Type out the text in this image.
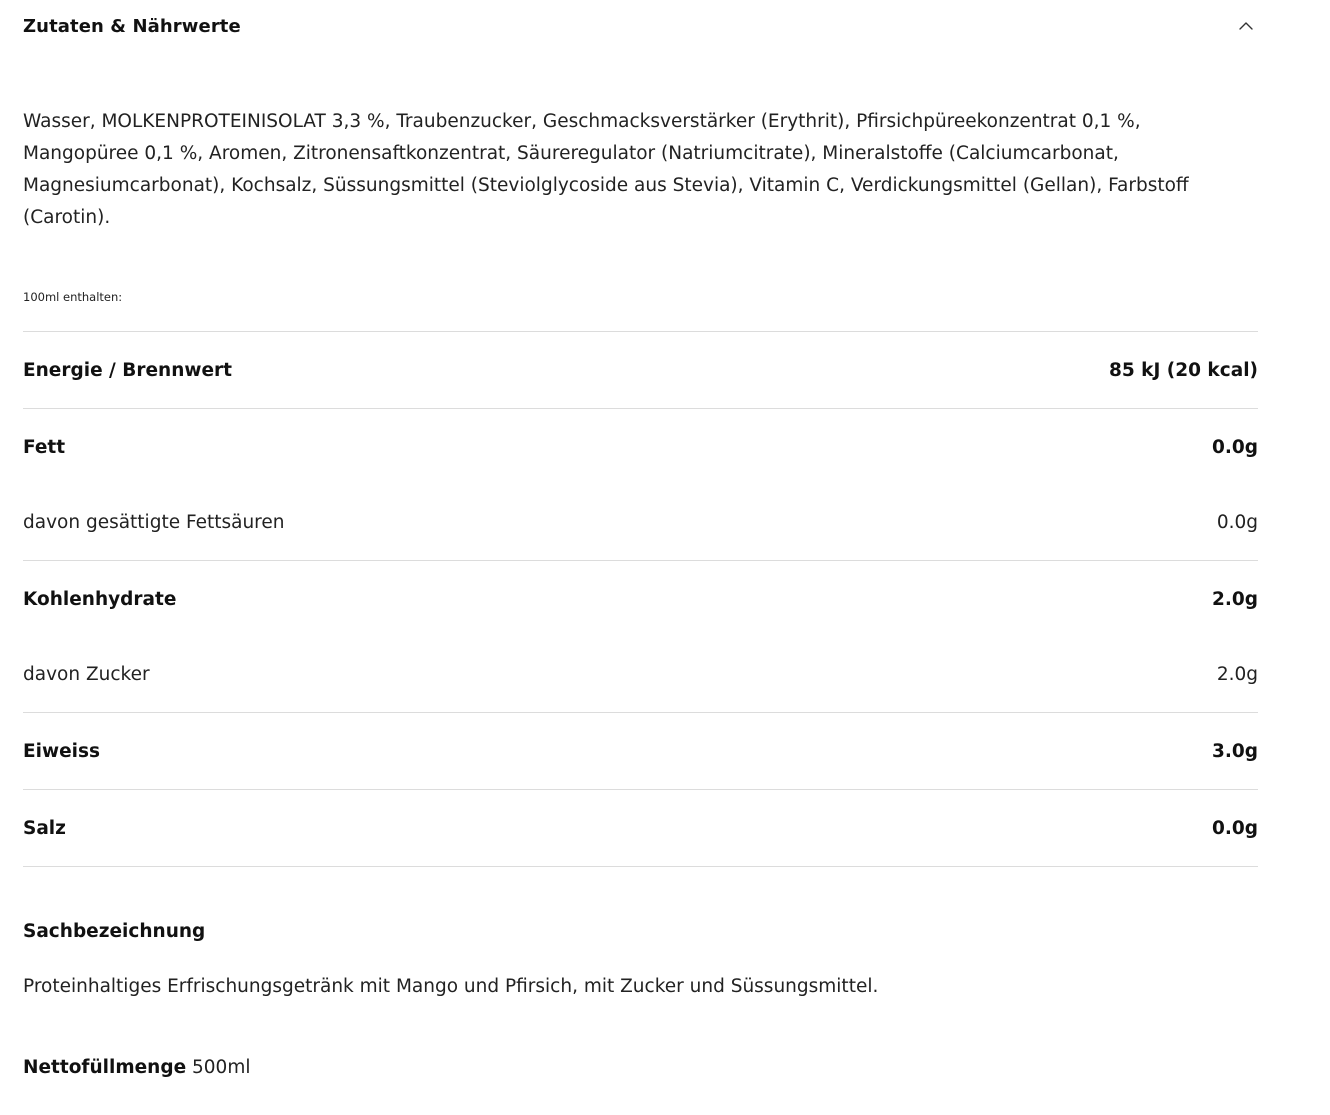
Zutaten & Nährwerte
Wasser, MOLKENPROTEINISOLAT 3,3 %, Traubenzucker, Geschmacksverstärker (Erythrit), Pfirsichpüreekonzentrat 0,1 %, Mangopüree 0,1 %, Aromen, Zitronensaftkonzentrat, Säureregulator (Natriumcitrate), Mineralstoffe (Calciumcarbonat, Magnesiumcarbonat), Kochsalz, Süssungsmittel (Steviolglycoside aus Stevia), Vitamin C, Verdickungsmittel (Gellan), Farbstoff (Carotin).
100ml enthalten:
Energie / Brennwert	85 kJ (20 kcal)
Fett	0.0g
davon gesättigte Fettsäuren	0.0g
Kohlenhydrate	2.0g
davon Zucker	2.0g
Eiweiss	3.0g
Salz	0.0g
Sachbezeichnung
Proteinhaltiges Erfrischungsgetränk mit Mango und Pfirsich, mit Zucker und Süssungsmittel.
Nettofüllmenge 500ml
